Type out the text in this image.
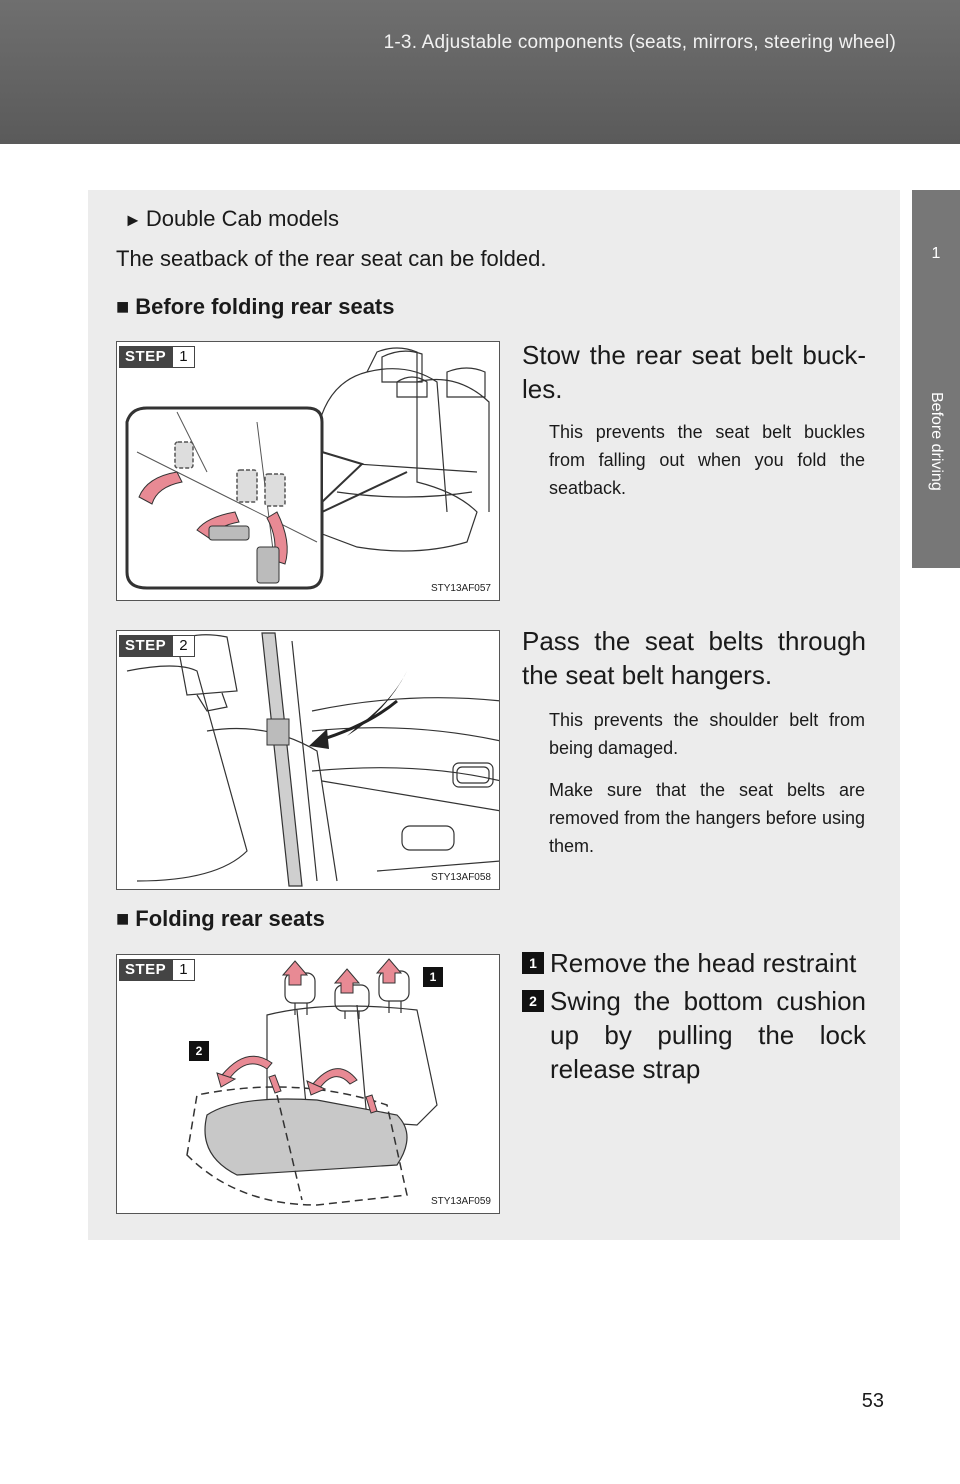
1-3. Adjustable components (seats, mirrors, steering wheel)
1
Before driving

► Double Cab models

The seatback of the rear seat can be folded.

■ Before folding rear seats

STEP 1
STY13AF057
Stow the rear seat belt buck-les.
This prevents the seat belt buckles from falling out when you fold the seatback.
STEP 2
STY13AF058
Pass the seat belts through the seat belt hangers.
This prevents the shoulder belt from being damaged.
Make sure that the seat belts are removed from the hangers before using them.

■ Folding rear seats

STEP 1	1
2
STY13AF059
1 Remove the head restraint
2 Swing the bottom cushion up by pulling the lock release strap
53
